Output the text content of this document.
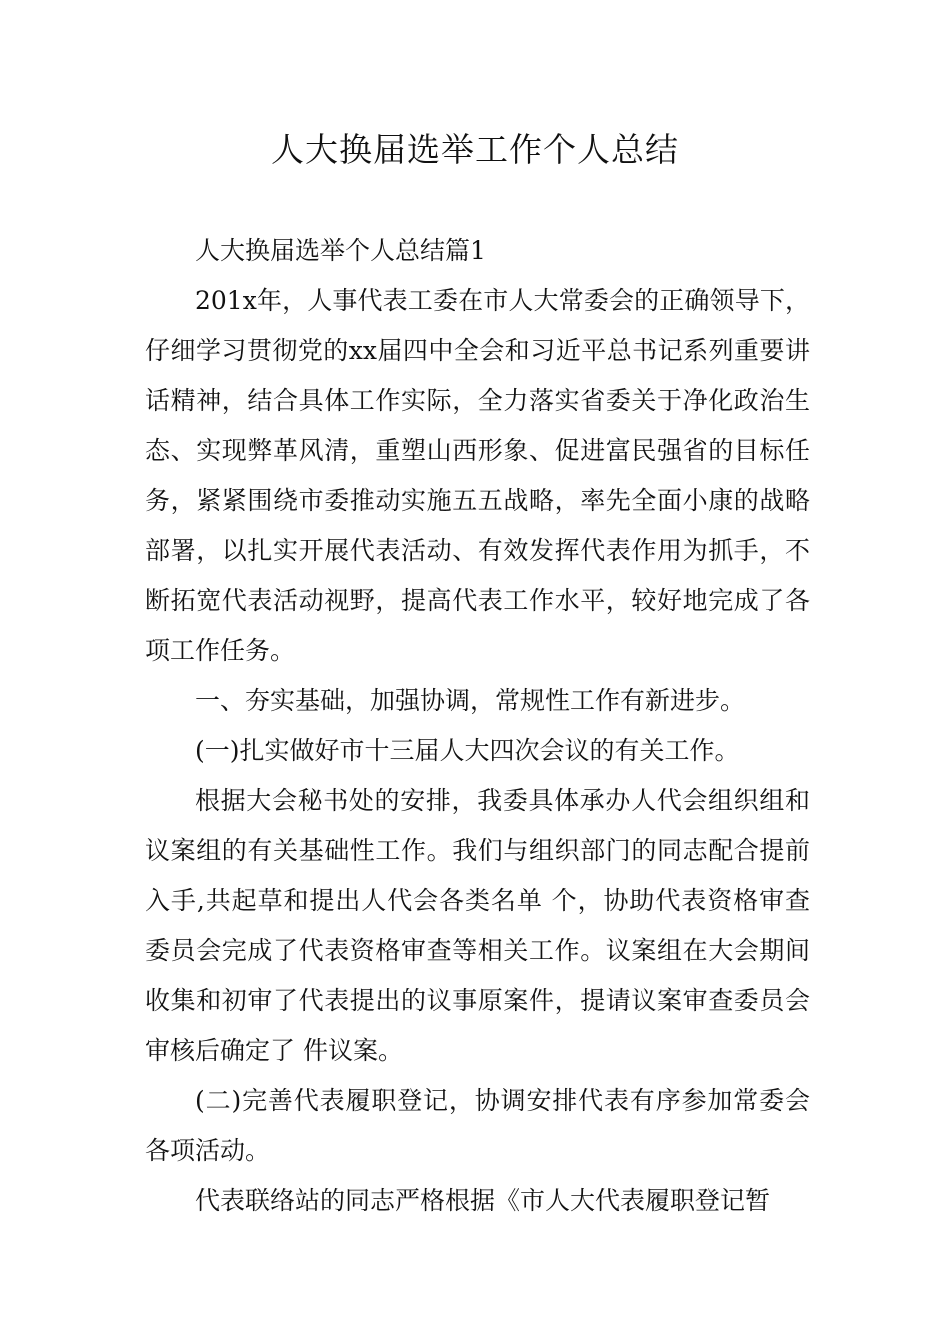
人大换届选举工作个人总结

人大换届选举个人总结篇1

201x年，人事代表工委在市人大常委会的正确领导下，仔细学习贯彻党的xx届四中全会和习近平总书记系列重要讲话精神，结合具体工作实际，全力落实省委关于净化政治生态、实现弊革风清，重塑山西形象、促进富民强省的目标任务，紧紧围绕市委推动实施五五战略，率先全面小康的战略部署，以扎实开展代表活动、有效发挥代表作用为抓手，不断拓宽代表活动视野，提高代表工作水平，较好地完成了各项工作任务。

一、夯实基础，加强协调，常规性工作有新进步。

(一)扎实做好市十三届人大四次会议的有关工作。

根据大会秘书处的安排，我委具体承办人代会组织组和议案组的有关基础性工作。我们与组织部门的同志配合提前入手,共起草和提出人代会各类名单 个，协助代表资格审查委员会完成了代表资格审查等相关工作。议案组在大会期间收集和初审了代表提出的议事原案件，提请议案审查委员会审核后确定了 件议案。

(二)完善代表履职登记，协调安排代表有序参加常委会各项活动。

代表联络站的同志严格根据《市人大代表履职登记暂
